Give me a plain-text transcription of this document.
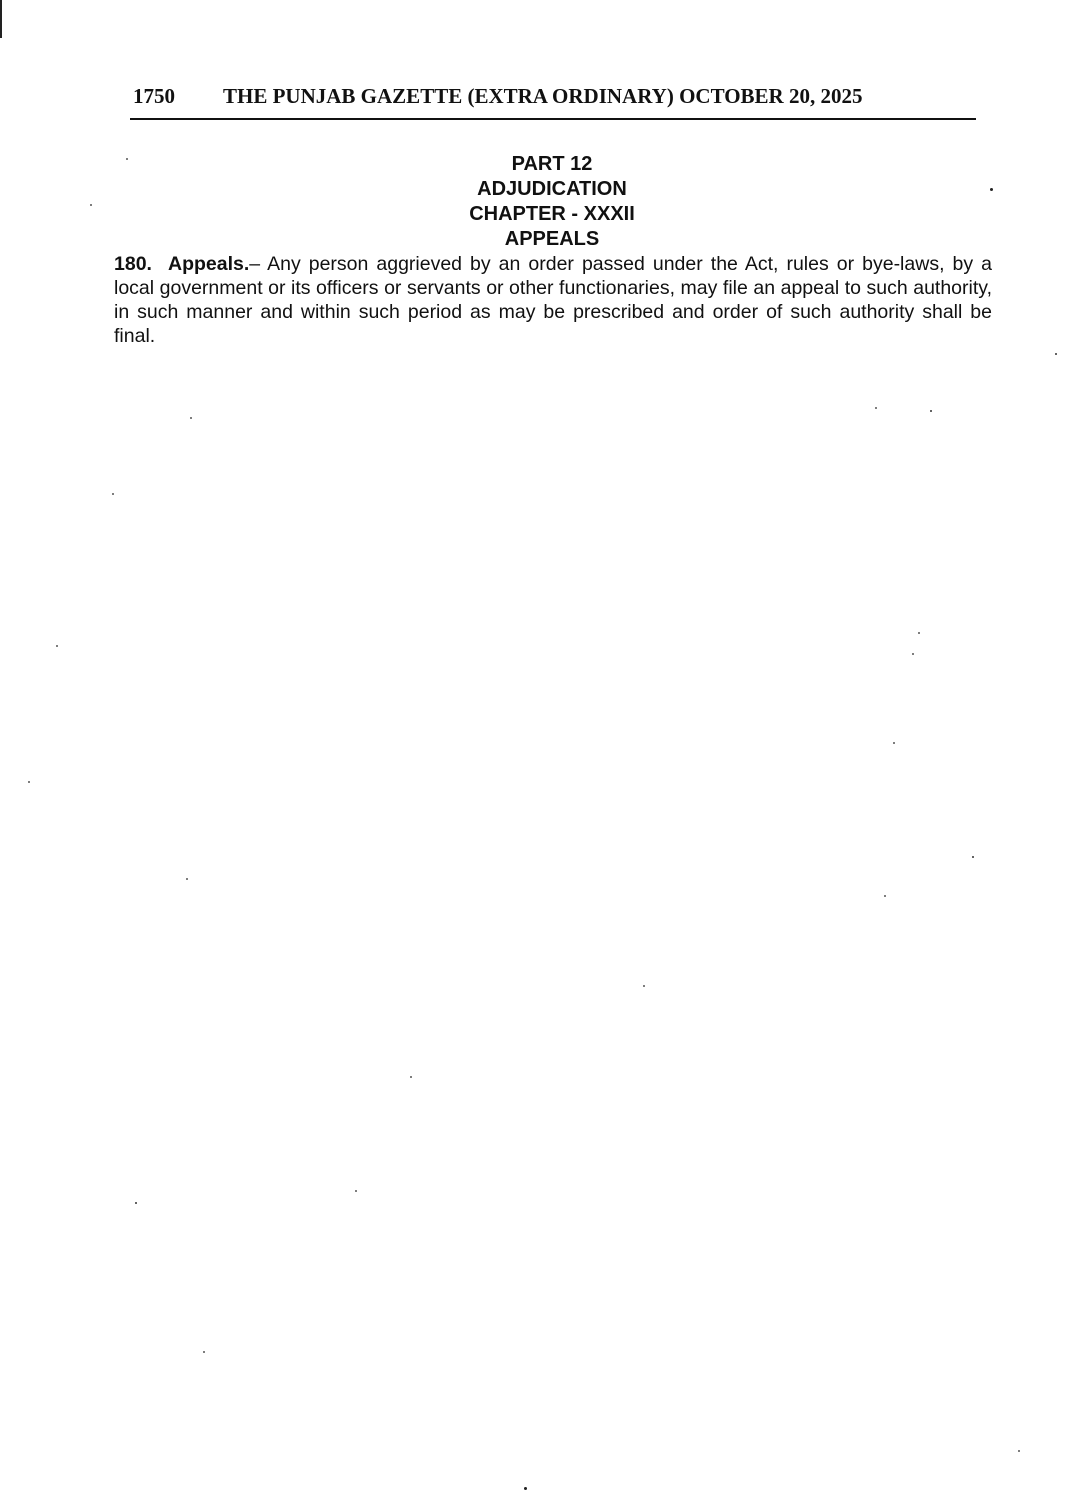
1750 THE PUNJAB GAZETTE (EXTRA ORDINARY) OCTOBER 20, 2025
PART 12
ADJUDICATION
CHAPTER - XXXII
APPEALS
180. Appeals.– Any person aggrieved by an order passed under the Act, rules or bye-laws, by a local government or its officers or servants or other functionaries, may file an appeal to such authority, in such manner and within such period as may be prescribed and order of such authority shall be final.
